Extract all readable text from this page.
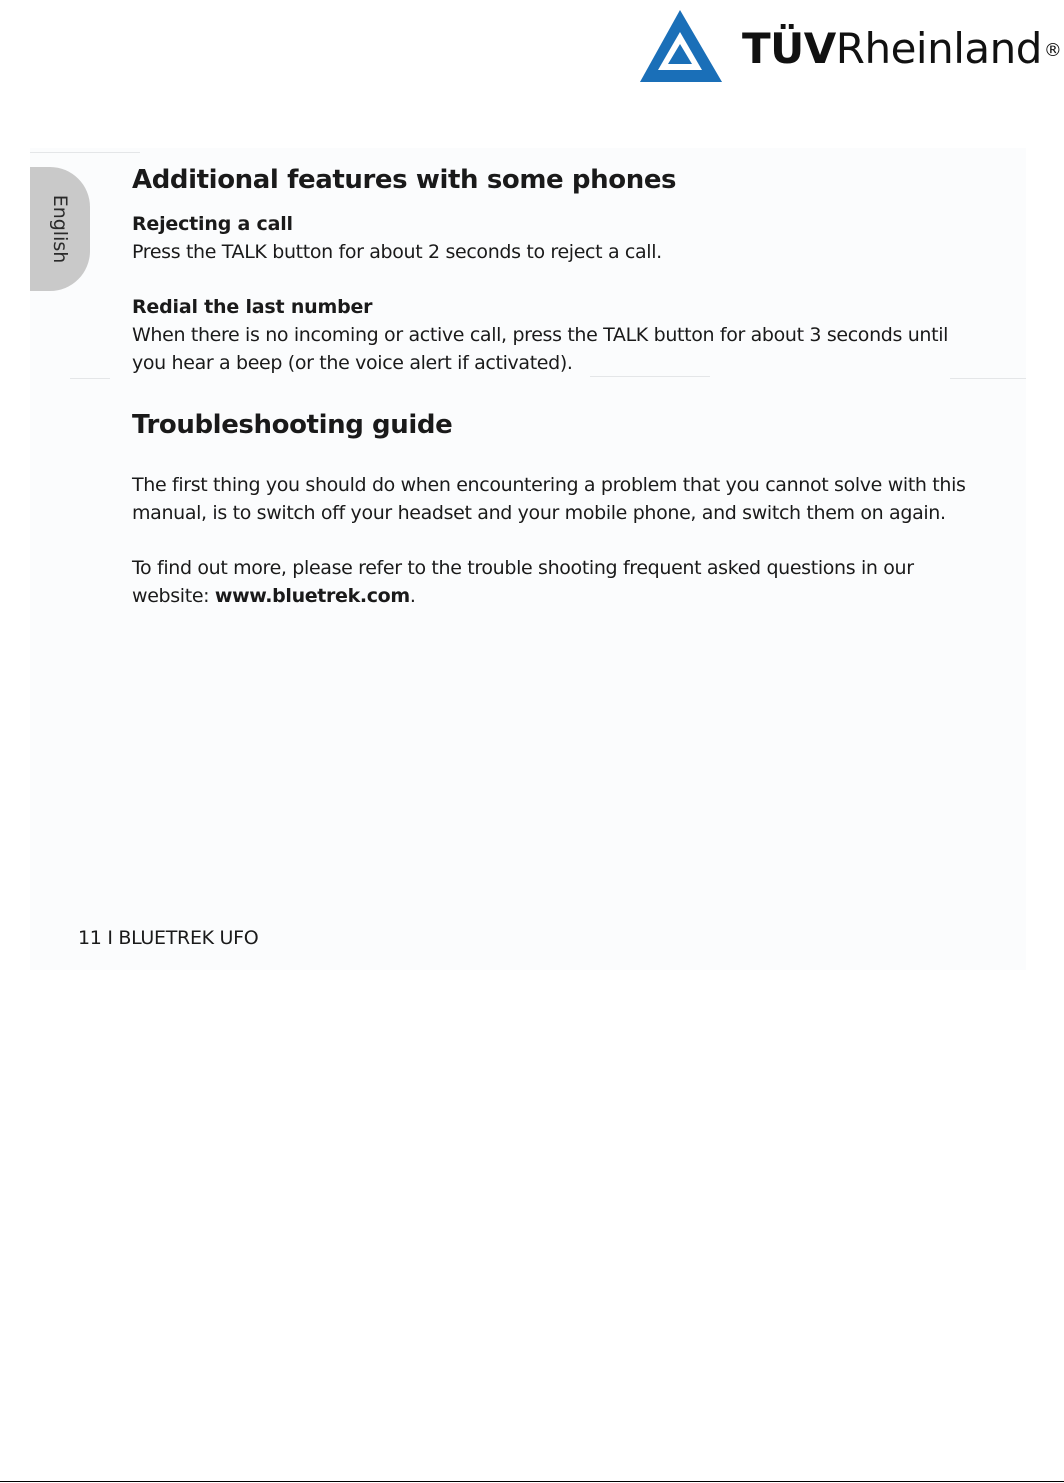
TÜVRheinland ®
English
Additional features with some phones
Rejecting a call
Press the TALK button for about 2 seconds to reject a call.
Redial the last number
When there is no incoming or active call, press the TALK button for about 3 seconds until
you hear a beep (or the voice alert if activated).
Troubleshooting guide
The first thing you should do when encountering a problem that you cannot solve with this
manual, is to switch off your headset and your mobile phone, and switch them on again.
To find out more, please refer to the trouble shooting frequent asked questions in our
website: www.bluetrek.com.
11 I BLUETREK UFO
